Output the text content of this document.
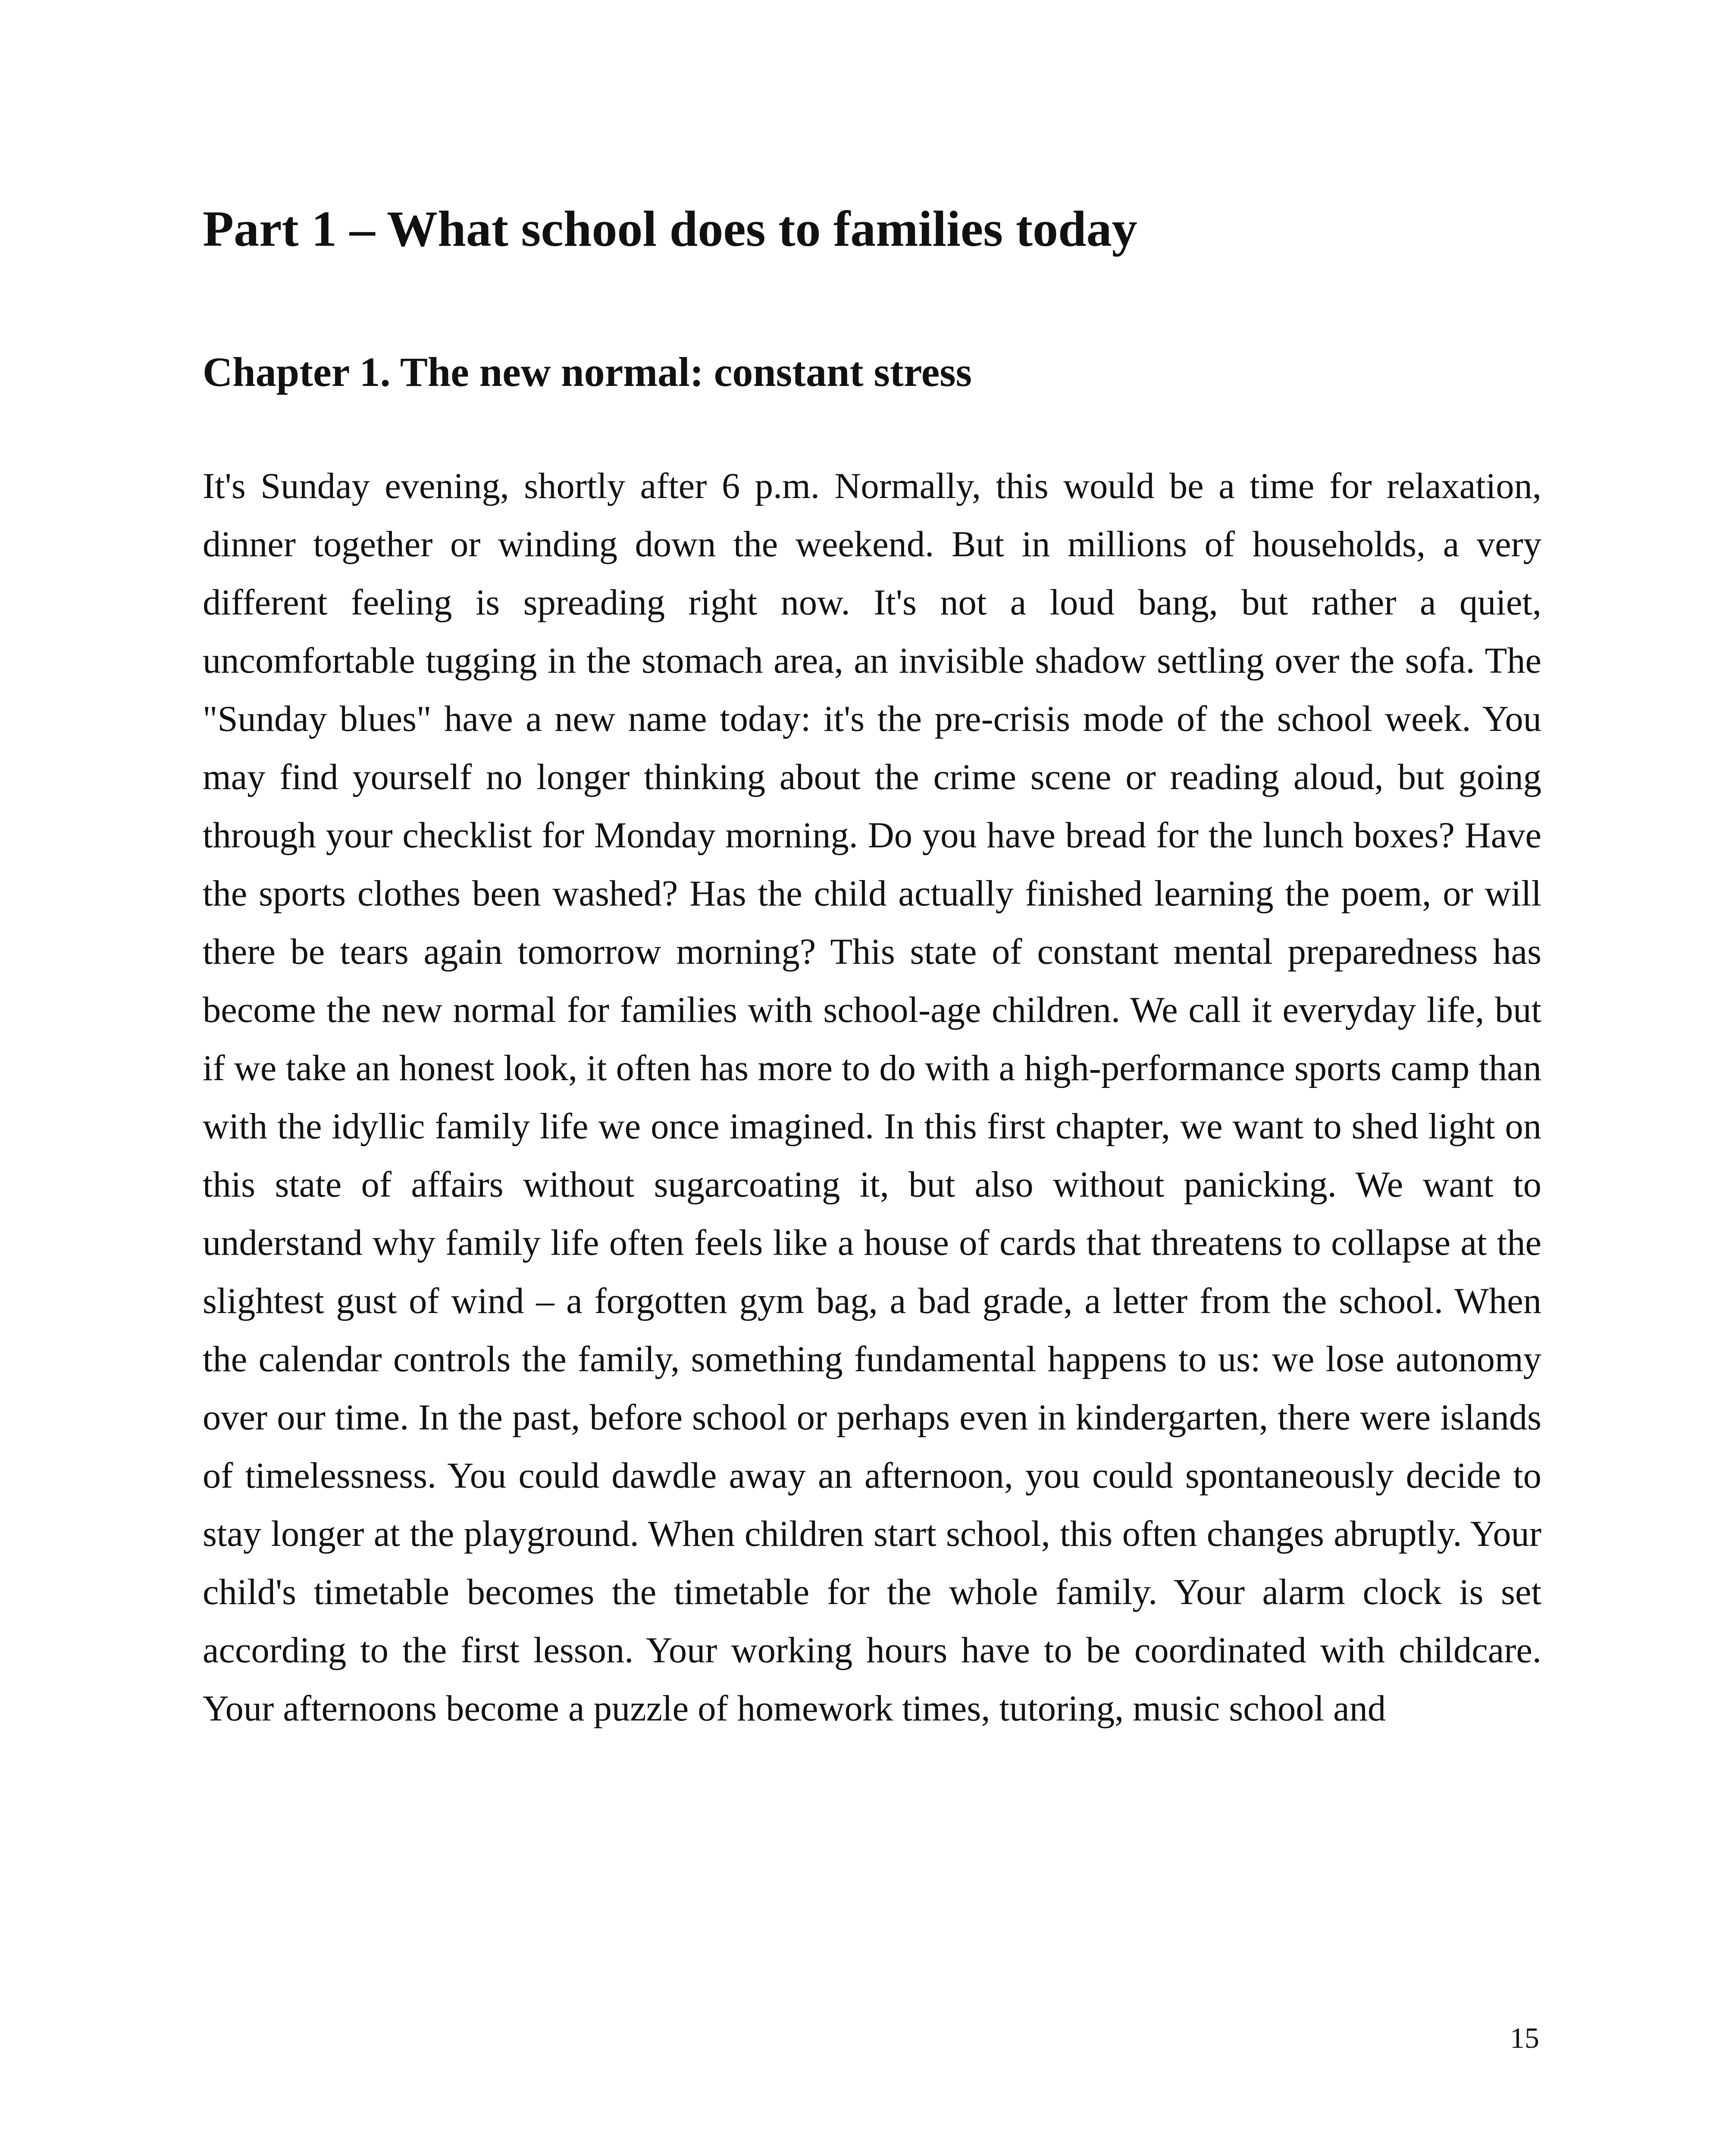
Part 1 – What school does to families today
Chapter 1. The new normal: constant stress

It's Sunday evening, shortly after 6 p.m. Normally, this would be a time for relaxation, dinner together or winding down the weekend. But in millions of households, a very different feeling is spreading right now. It's not a loud bang, but rather a quiet, uncomfortable tugging in the stomach area, an invisible shadow settling over the sofa. The "Sunday blues" have a new name today: it's the pre-crisis mode of the school week. You may find yourself no longer thinking about the crime scene or reading aloud, but going through your checklist for Monday morning. Do you have bread for the lunch boxes? Have the sports clothes been washed? Has the child actually finished learning the poem, or will there be tears again tomorrow morning? This state of constant mental preparedness has become the new normal for families with school-age children. We call it everyday life, but if we take an honest look, it often has more to do with a high-performance sports camp than with the idyllic family life we once imagined. In this first chapter, we want to shed light on this state of affairs without sugarcoating it, but also without panicking. We want to understand why family life often feels like a house of cards that threatens to collapse at the slightest gust of wind – a forgotten gym bag, a bad grade, a letter from the school. When the calendar controls the family, something fundamental happens to us: we lose autonomy over our time. In the past, before school or perhaps even in kindergarten, there were islands of timelessness. You could dawdle away an afternoon, you could spontaneously decide to stay longer at the playground. When children start school, this often changes abruptly. Your child's timetable becomes the timetable for the whole family. Your alarm clock is set according to the first lesson. Your working hours have to be coordinated with childcare. Your afternoons become a puzzle of homework times, tutoring, music school and

15
